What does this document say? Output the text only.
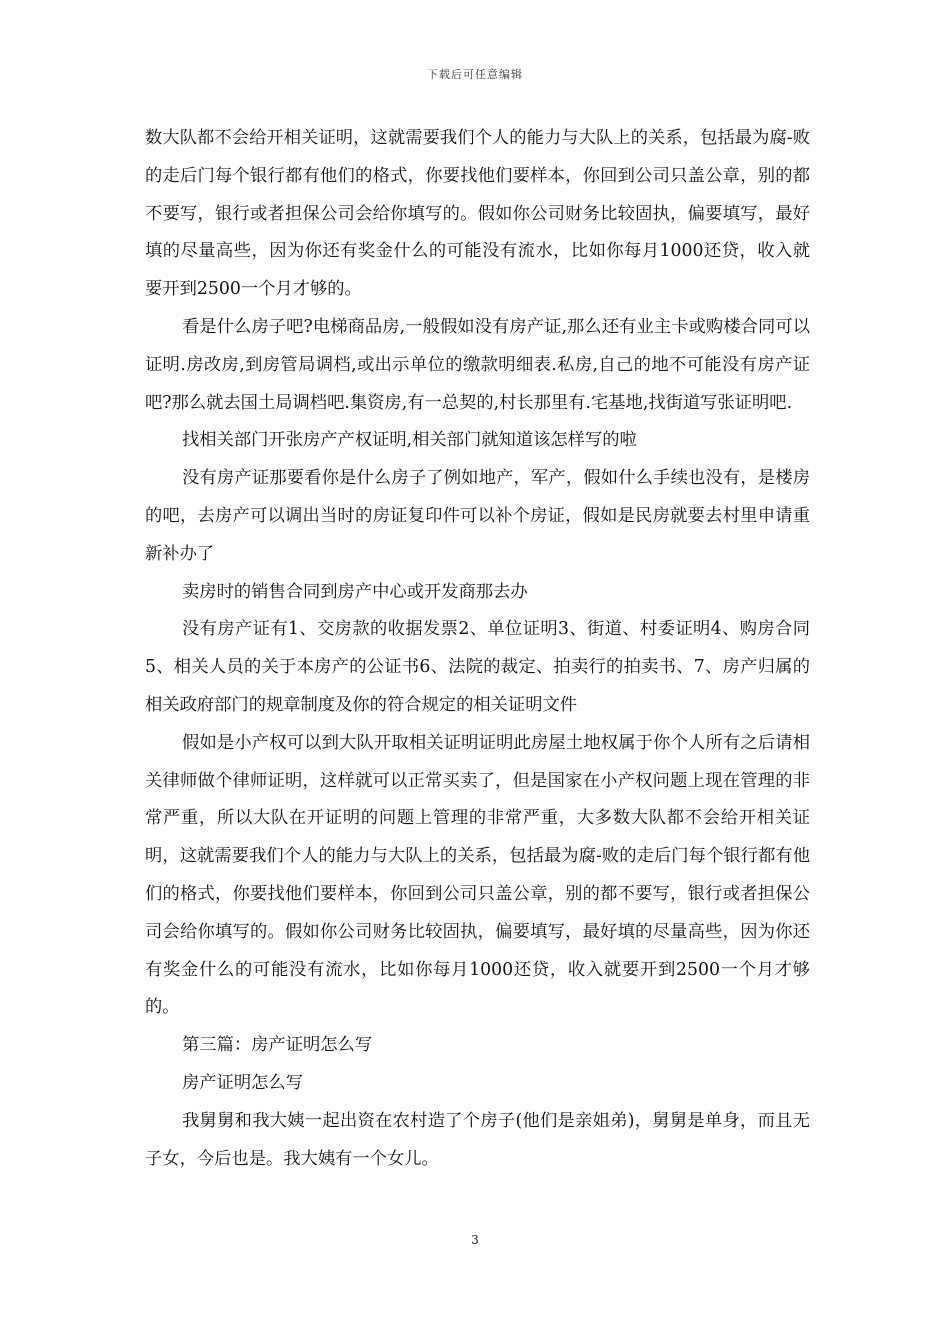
下载后可任意编辑

数大队都不会给开相关证明，这就需要我们个人的能力与大队上的关系，包括最为腐-败的走后门每个银行都有他们的格式，你要找他们要样本，你回到公司只盖公章，别的都不要写，银行或者担保公司会给你填写的。假如你公司财务比较固执，偏要填写，最好填的尽量高些，因为你还有奖金什么的可能没有流水，比如你每月1000还贷，收入就要开到2500一个月才够的。

看是什么房子吧?电梯商品房,一般假如没有房产证,那么还有业主卡或购楼合同可以证明.房改房,到房管局调档,或出示单位的缴款明细表.私房,自己的地不可能没有房产证吧?那么就去国土局调档吧.集资房,有一总契的,村长那里有.宅基地,找街道写张证明吧.

找相关部门开张房产产权证明,相关部门就知道该怎样写的啦

没有房产证那要看你是什么房子了例如地产，军产，假如什么手续也没有，是楼房的吧，去房产可以调出当时的房证复印件可以补个房证，假如是民房就要去村里申请重新补办了

卖房时的销售合同到房产中心或开发商那去办

没有房产证有1、交房款的收据发票2、单位证明3、街道、村委证明4、购房合同5、相关人员的关于本房产的公证书6、法院的裁定、拍卖行的拍卖书、7、房产归属的相关政府部门的规章制度及你的符合规定的相关证明文件

假如是小产权可以到大队开取相关证明证明此房屋土地权属于你个人所有之后请相关律师做个律师证明，这样就可以正常买卖了，但是国家在小产权问题上现在管理的非常严重，所以大队在开证明的问题上管理的非常严重，大多数大队都不会给开相关证明，这就需要我们个人的能力与大队上的关系，包括最为腐-败的走后门每个银行都有他们的格式，你要找他们要样本，你回到公司只盖公章，别的都不要写，银行或者担保公司会给你填写的。假如你公司财务比较固执，偏要填写，最好填的尽量高些，因为你还有奖金什么的可能没有流水，比如你每月1000还贷，收入就要开到2500一个月才够的。

第三篇：房产证明怎么写

房产证明怎么写

我舅舅和我大姨一起出资在农村造了个房子(他们是亲姐弟)，舅舅是单身，而且无子女，今后也是。我大姨有一个女儿。

3
